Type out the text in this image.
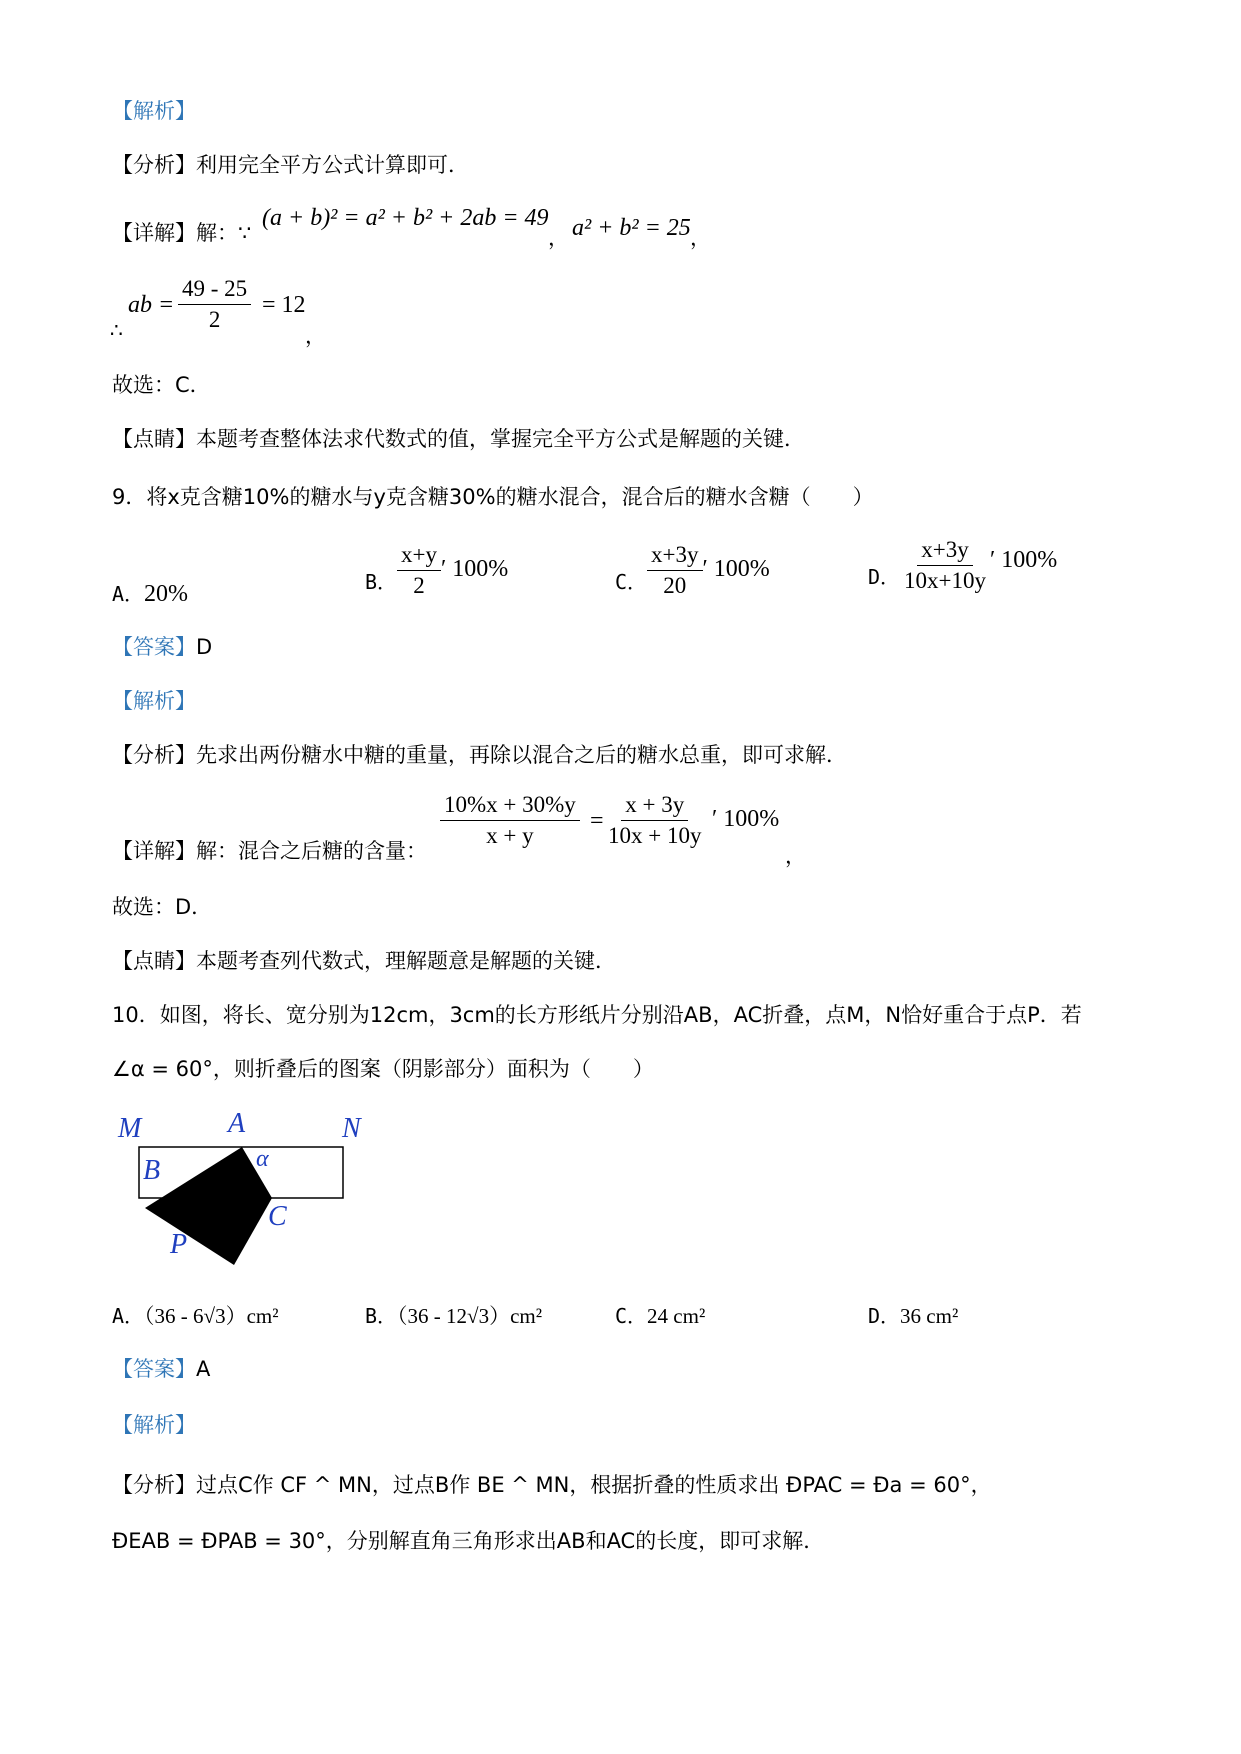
【解析】
【分析】利用完全平方公式计算即可．
【详解】解：∵
(a + b)² = a² + b² + 2ab = 49
， a² + b² = 25 ，
∴
ab = $\frac{49 - 25}{2} = 12$
，
故选：C．
【点睛】本题考查整体法求代数式的值，掌握完全平方公式是解题的关键．
9．将x克含糖10%的糖水与y克含糖30%的糖水混合，混合后的糖水含糖（　　）
A．20%	B． $\frac{x+y}{2}$ ′ 100%	C． $\frac{x+3y}{20}$ ′ 100%	D． $\frac{x+3y}{10x+10y}$ ′ 100%
【答案】D
【解析】
【分析】先求出两份糖水中糖的重量，再除以混合之后的糖水总重，即可求解．
【详解】解：混合之后糖的含量： $\frac{10\%x + 30\%y}{x + y} = \frac{x + 3y}{10x + 10y}$ ′ 100%
，
故选：D．
【点睛】本题考查列代数式，理解题意是解题的关键．
10．如图，将长、宽分别为12cm，3cm的长方形纸片分别沿AB，AC折叠，点M，N恰好重合于点P．若
∠α = 60°，则折叠后的图案（阴影部分）面积为（　　）
M	A	N
B	α
C
P
A．（36 - 6√3）cm²	B．（36 - 12√3）cm²	C．24 cm²	D．36 cm²
【答案】A
【解析】
【分析】过点C作 CF ^ MN，过点B作 BE ^ MN，根据折叠的性质求出 ÐPAC = Ða = 60°，
ÐEAB = ÐPAB = 30°，分别解直角三角形求出AB和AC的长度，即可求解．
